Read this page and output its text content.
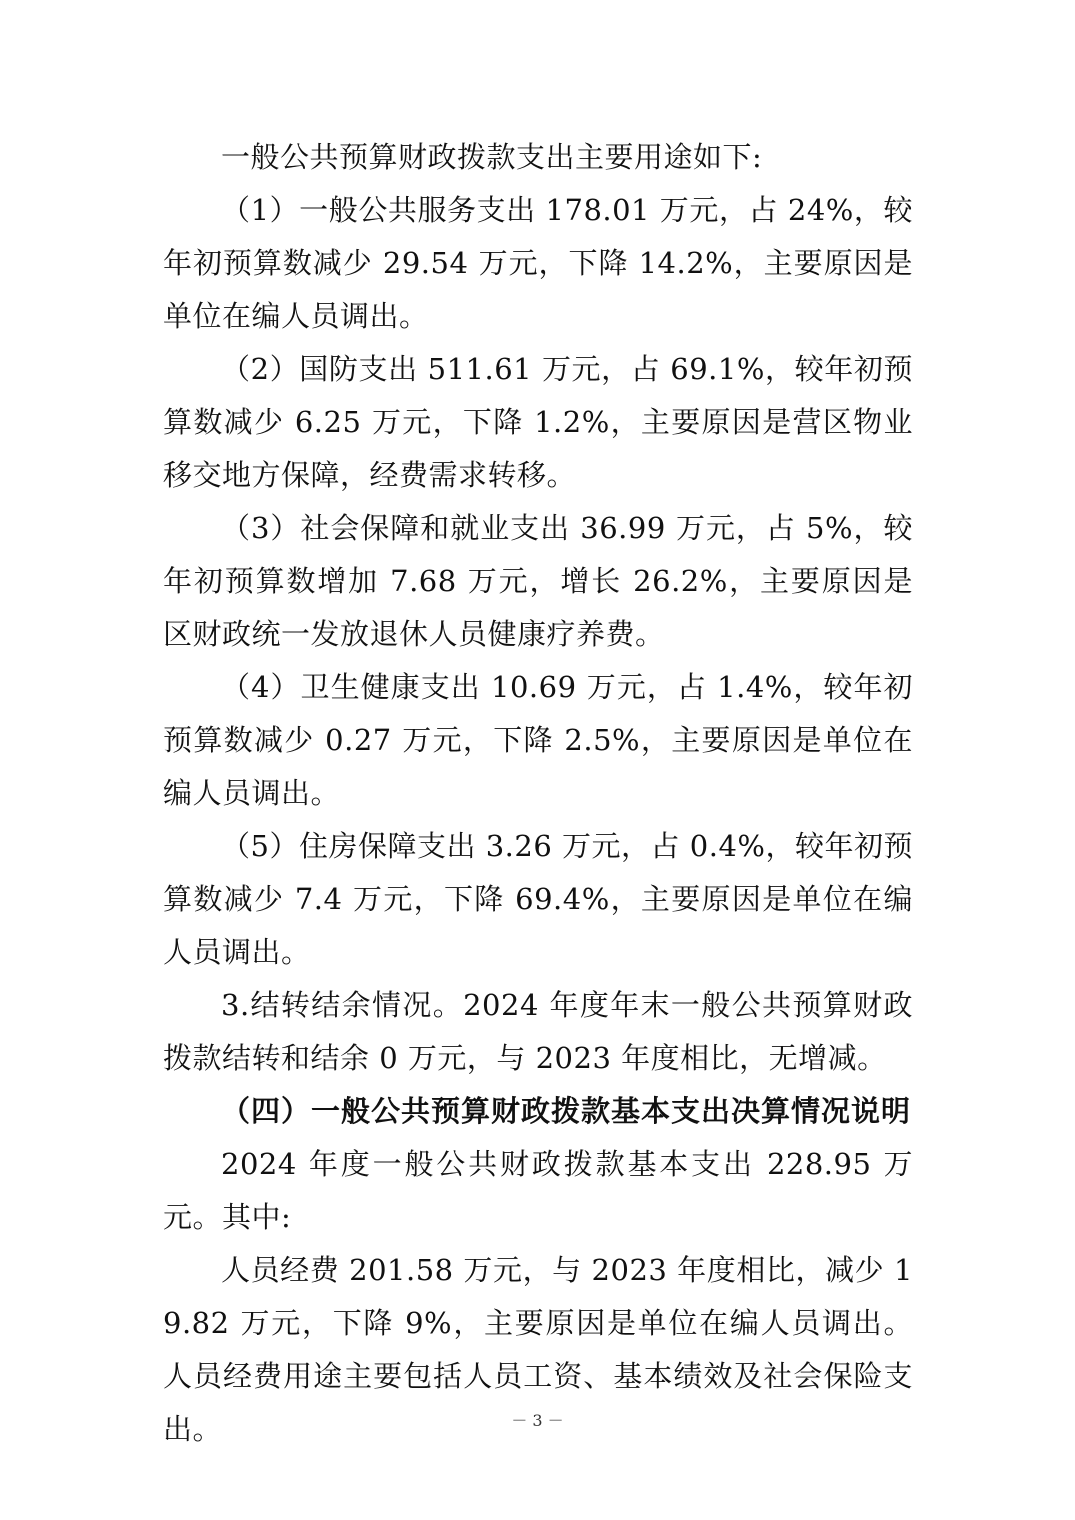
一般公共预算财政拨款支出主要用途如下:

（1）一般公共服务支出 178.01 万元，占 24%，较年初预算数减少 29.54 万元，下降 14.2%，主要原因是单位在编人员调出。

（2）国防支出 511.61 万元，占 69.1%，较年初预算数减少 6.25 万元，下降 1.2%，主要原因是营区物业移交地方保障，经费需求转移。

（3）社会保障和就业支出 36.99 万元，占 5%，较年初预算数增加 7.68 万元，增长 26.2%，主要原因是区财政统一发放退休人员健康疗养费。

（4）卫生健康支出 10.69 万元，占 1.4%，较年初预算数减少 0.27 万元，下降 2.5%，主要原因是单位在编人员调出。

（5）住房保障支出 3.26 万元，占 0.4%，较年初预算数减少 7.4 万元，下降 69.4%，主要原因是单位在编人员调出。

3.结转结余情况。2024 年度年末一般公共预算财政拨款结转和结余 0 万元，与 2023 年度相比，无增减。

（四）一般公共预算财政拨款基本支出决算情况说明

2024 年度一般公共财政拨款基本支出 228.95 万元。其中:

人员经费 201.58 万元，与 2023 年度相比，减少 19.82 万元，下降 9%，主要原因是单位在编人员调出。人员经费用途主要包括人员工资、基本绩效及社会保险支出。	－ 3 －
